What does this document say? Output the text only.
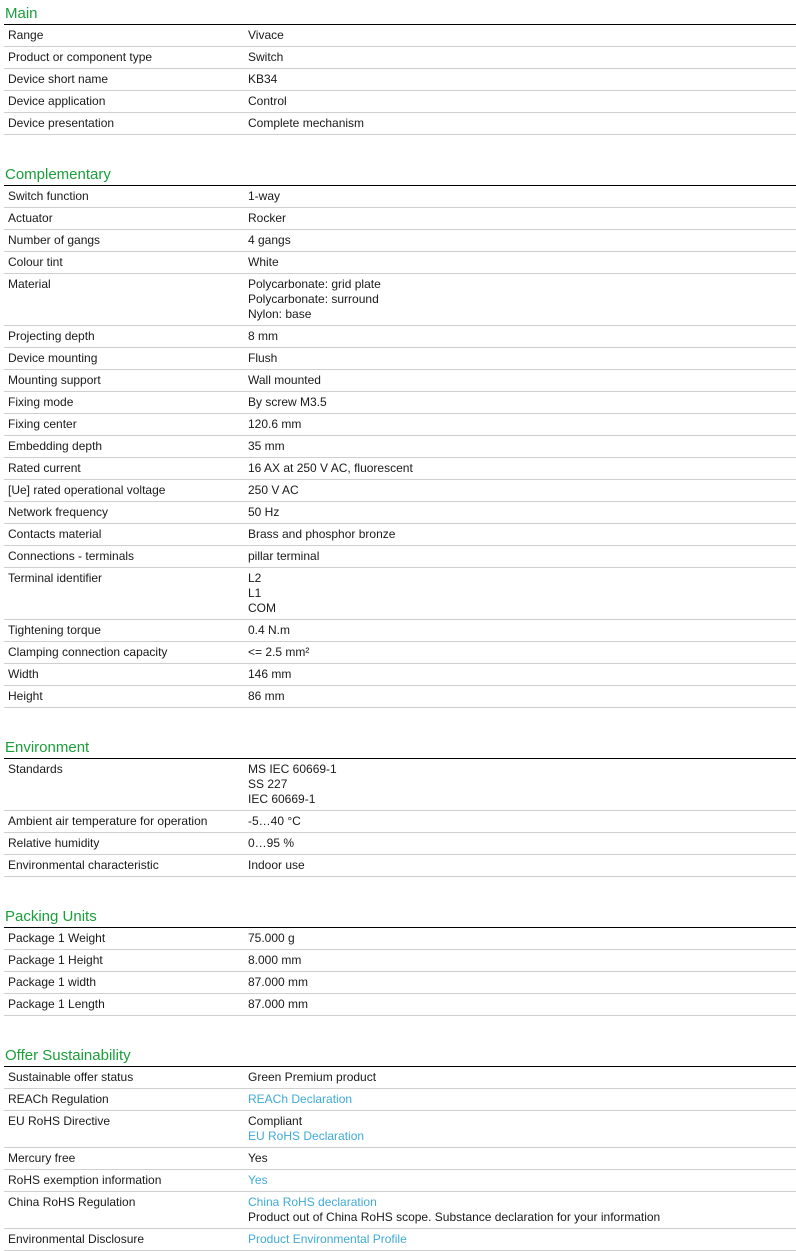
Main
Range	Vivace

Product or component type	Switch

Device short name	KB34

Device application	Control

Device presentation	Complete mechanism
Complementary
Switch function	1-way

Actuator	Rocker

Number of gangs	4 gangs

Colour tint	White

Material	Polycarbonate: grid plate
Polycarbonate: surround
Nylon: base

Projecting depth	8 mm

Device mounting	Flush

Mounting support	Wall mounted

Fixing mode	By screw M3.5

Fixing center	120.6 mm

Embedding depth	35 mm

Rated current	16 AX at 250 V AC, fluorescent

[Ue] rated operational voltage	250 V AC

Network frequency	50 Hz

Contacts material	Brass and phosphor bronze

Connections - terminals	pillar terminal

Terminal identifier	L2
L1
COM

Tightening torque	0.4 N.m

Clamping connection capacity	<= 2.5 mm²

Width	146 mm

Height	86 mm
Environment
Standards	MS IEC 60669-1
SS 227
IEC 60669-1

Ambient air temperature for operation	-5…40 °C

Relative humidity	0…95 %

Environmental characteristic	Indoor use
Packing Units
Package 1 Weight	75.000 g

Package 1 Height	8.000 mm

Package 1 width	87.000 mm

Package 1 Length	87.000 mm
Offer Sustainability
Sustainable offer status	Green Premium product

REACh Regulation	REACh Declaration

EU RoHS Directive	Compliant
EU RoHS Declaration

Mercury free	Yes

RoHS exemption information	Yes

China RoHS Regulation	China RoHS declaration
Product out of China RoHS scope. Substance declaration for your information

Environmental Disclosure	Product Environmental Profile
